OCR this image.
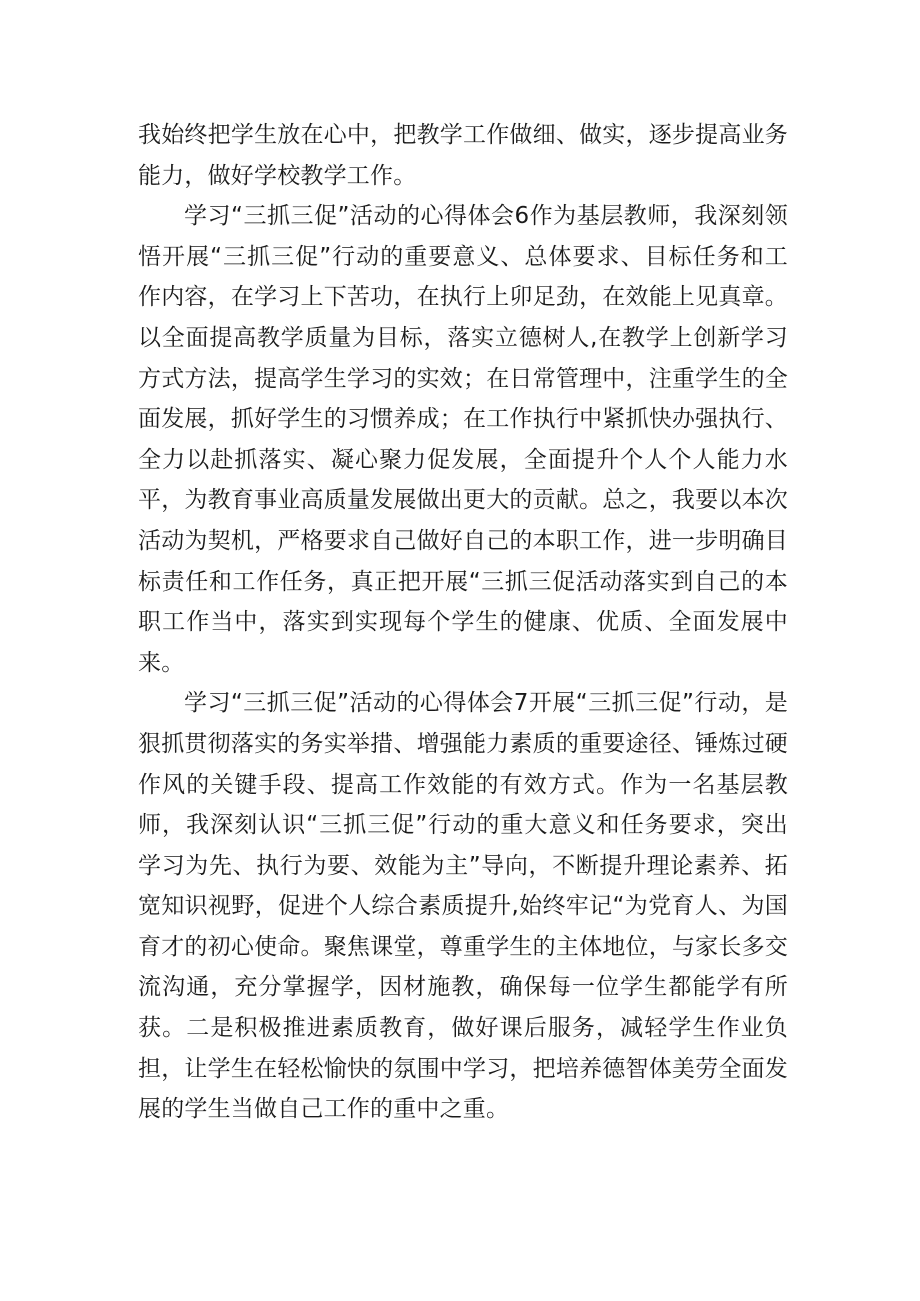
我始终把学生放在心中，把教学工作做细、做实，逐步提高业务能力，做好学校教学工作。

学习“三抓三促”活动的心得体会6作为基层教师，我深刻领悟开展“三抓三促”行动的重要意义、总体要求、目标任务和工作内容，在学习上下苦功，在执行上卯足劲，在效能上见真章。以全面提高教学质量为目标，落实立德树人,在教学上创新学习方式方法，提高学生学习的实效；在日常管理中，注重学生的全面发展，抓好学生的习惯养成；在工作执行中紧抓快办强执行、全力以赴抓落实、凝心聚力促发展，全面提升个人个人能力水平，为教育事业高质量发展做出更大的贡献。总之，我要以本次活动为契机，严格要求自己做好自己的本职工作，进一步明确目标责任和工作任务，真正把开展“三抓三促活动落实到自己的本职工作当中，落实到实现每个学生的健康、优质、全面发展中来。

学习“三抓三促”活动的心得体会7开展“三抓三促”行动，是狠抓贯彻落实的务实举措、增强能力素质的重要途径、锤炼过硬作风的关键手段、提高工作效能的有效方式。作为一名基层教师，我深刻认识“三抓三促”行动的重大意义和任务要求，突出学习为先、执行为要、效能为主”导向，不断提升理论素养、拓宽知识视野，促进个人综合素质提升,始终牢记“为党育人、为国育才的初心使命。聚焦课堂，尊重学生的主体地位，与家长多交流沟通，充分掌握学，因材施教，确保每一位学生都能学有所获。二是积极推进素质教育，做好课后服务，减轻学生作业负担，让学生在轻松愉快的氛围中学习，把培养德智体美劳全面发展的学生当做自己工作的重中之重。
